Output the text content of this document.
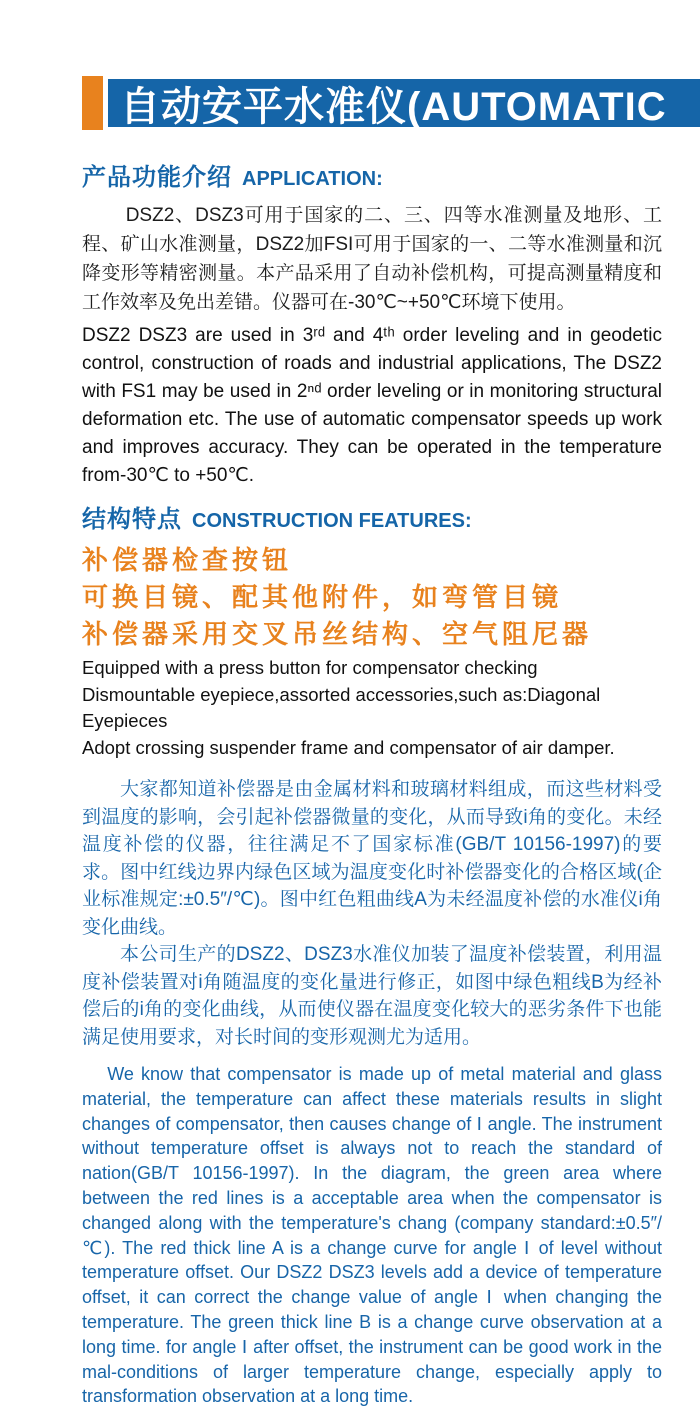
自动安平水准仪(AUTOMATIC
产品功能介绍 APPLICATION:

DSZ2、DSZ3可用于国家的二、三、四等水准测量及地形、工程、矿山水准测量，DSZ2加FSI可用于国家的一、二等水准测量和沉降变形等精密测量。本产品采用了自动补偿机构，可提高测量精度和工作效率及免出差错。仪器可在-30℃~+50℃环境下使用。

DSZ2 DSZ3 are used in 3ʳᵈ and 4ᵗʰ order leveling and in geodetic control, construction of roads and industrial applications, The DSZ2 with FS1 may be used in 2ⁿᵈ order leveling or in monitoring structural deformation etc. The use of automatic compensator speeds up work and improves accuracy. They can be operated in the temperature from-30℃ to +50℃.

结构特点 CONSTRUCTION FEATURES:

补偿器检查按钮

可换目镜、配其他附件，如弯管目镜

补偿器采用交叉吊丝结构、空气阻尼器

Equipped with a press button for compensator checking

Dismountable eyepiece,assorted accessories,such as:Diagonal Eyepieces

Adopt crossing suspender frame and compensator of air damper.

大家都知道补偿器是由金属材料和玻璃材料组成，而这些材料受到温度的影响，会引起补偿器微量的变化，从而导致i角的变化。未经温度补偿的仪器，往往满足不了国家标准(GB/T 10156-1997)的要求。图中红线边界内绿色区域为温度变化时补偿器变化的合格区域(企业标准规定:±0.5″/℃)。图中红色粗曲线A为未经温度补偿的水准仪i角变化曲线。

本公司生产的DSZ2、DSZ3水准仪加装了温度补偿装置，利用温度补偿装置对i角随温度的变化量进行修正，如图中绿色粗线B为经补偿后的i角的变化曲线，从而使仪器在温度变化较大的恶劣条件下也能满足使用要求，对长时间的变形观测尤为适用。

We know that compensator is made up of metal material and glass material, the temperature can affect these materials results in slight changes of compensator, then causes change of Ⅰ angle. The instrument without temperature offset is always not to reach the standard of nation(GB/T 10156-1997). In the diagram, the green area where between the red lines is a acceptable area when the compensator is changed along with the temperature's chang (company standard:±0.5″/℃). The red thick line A is a change curve for angle Ⅰ of level without temperature offset. Our DSZ2 DSZ3 levels add a device of temperature offset, it can correct the change value of angle Ⅰ when changing the temperature. The green thick line B is a change curve observation at a long time. for angle Ⅰ after offset, the instrument can be good work in the mal-conditions of larger temperature change, especially apply to transformation observation at a long time.
